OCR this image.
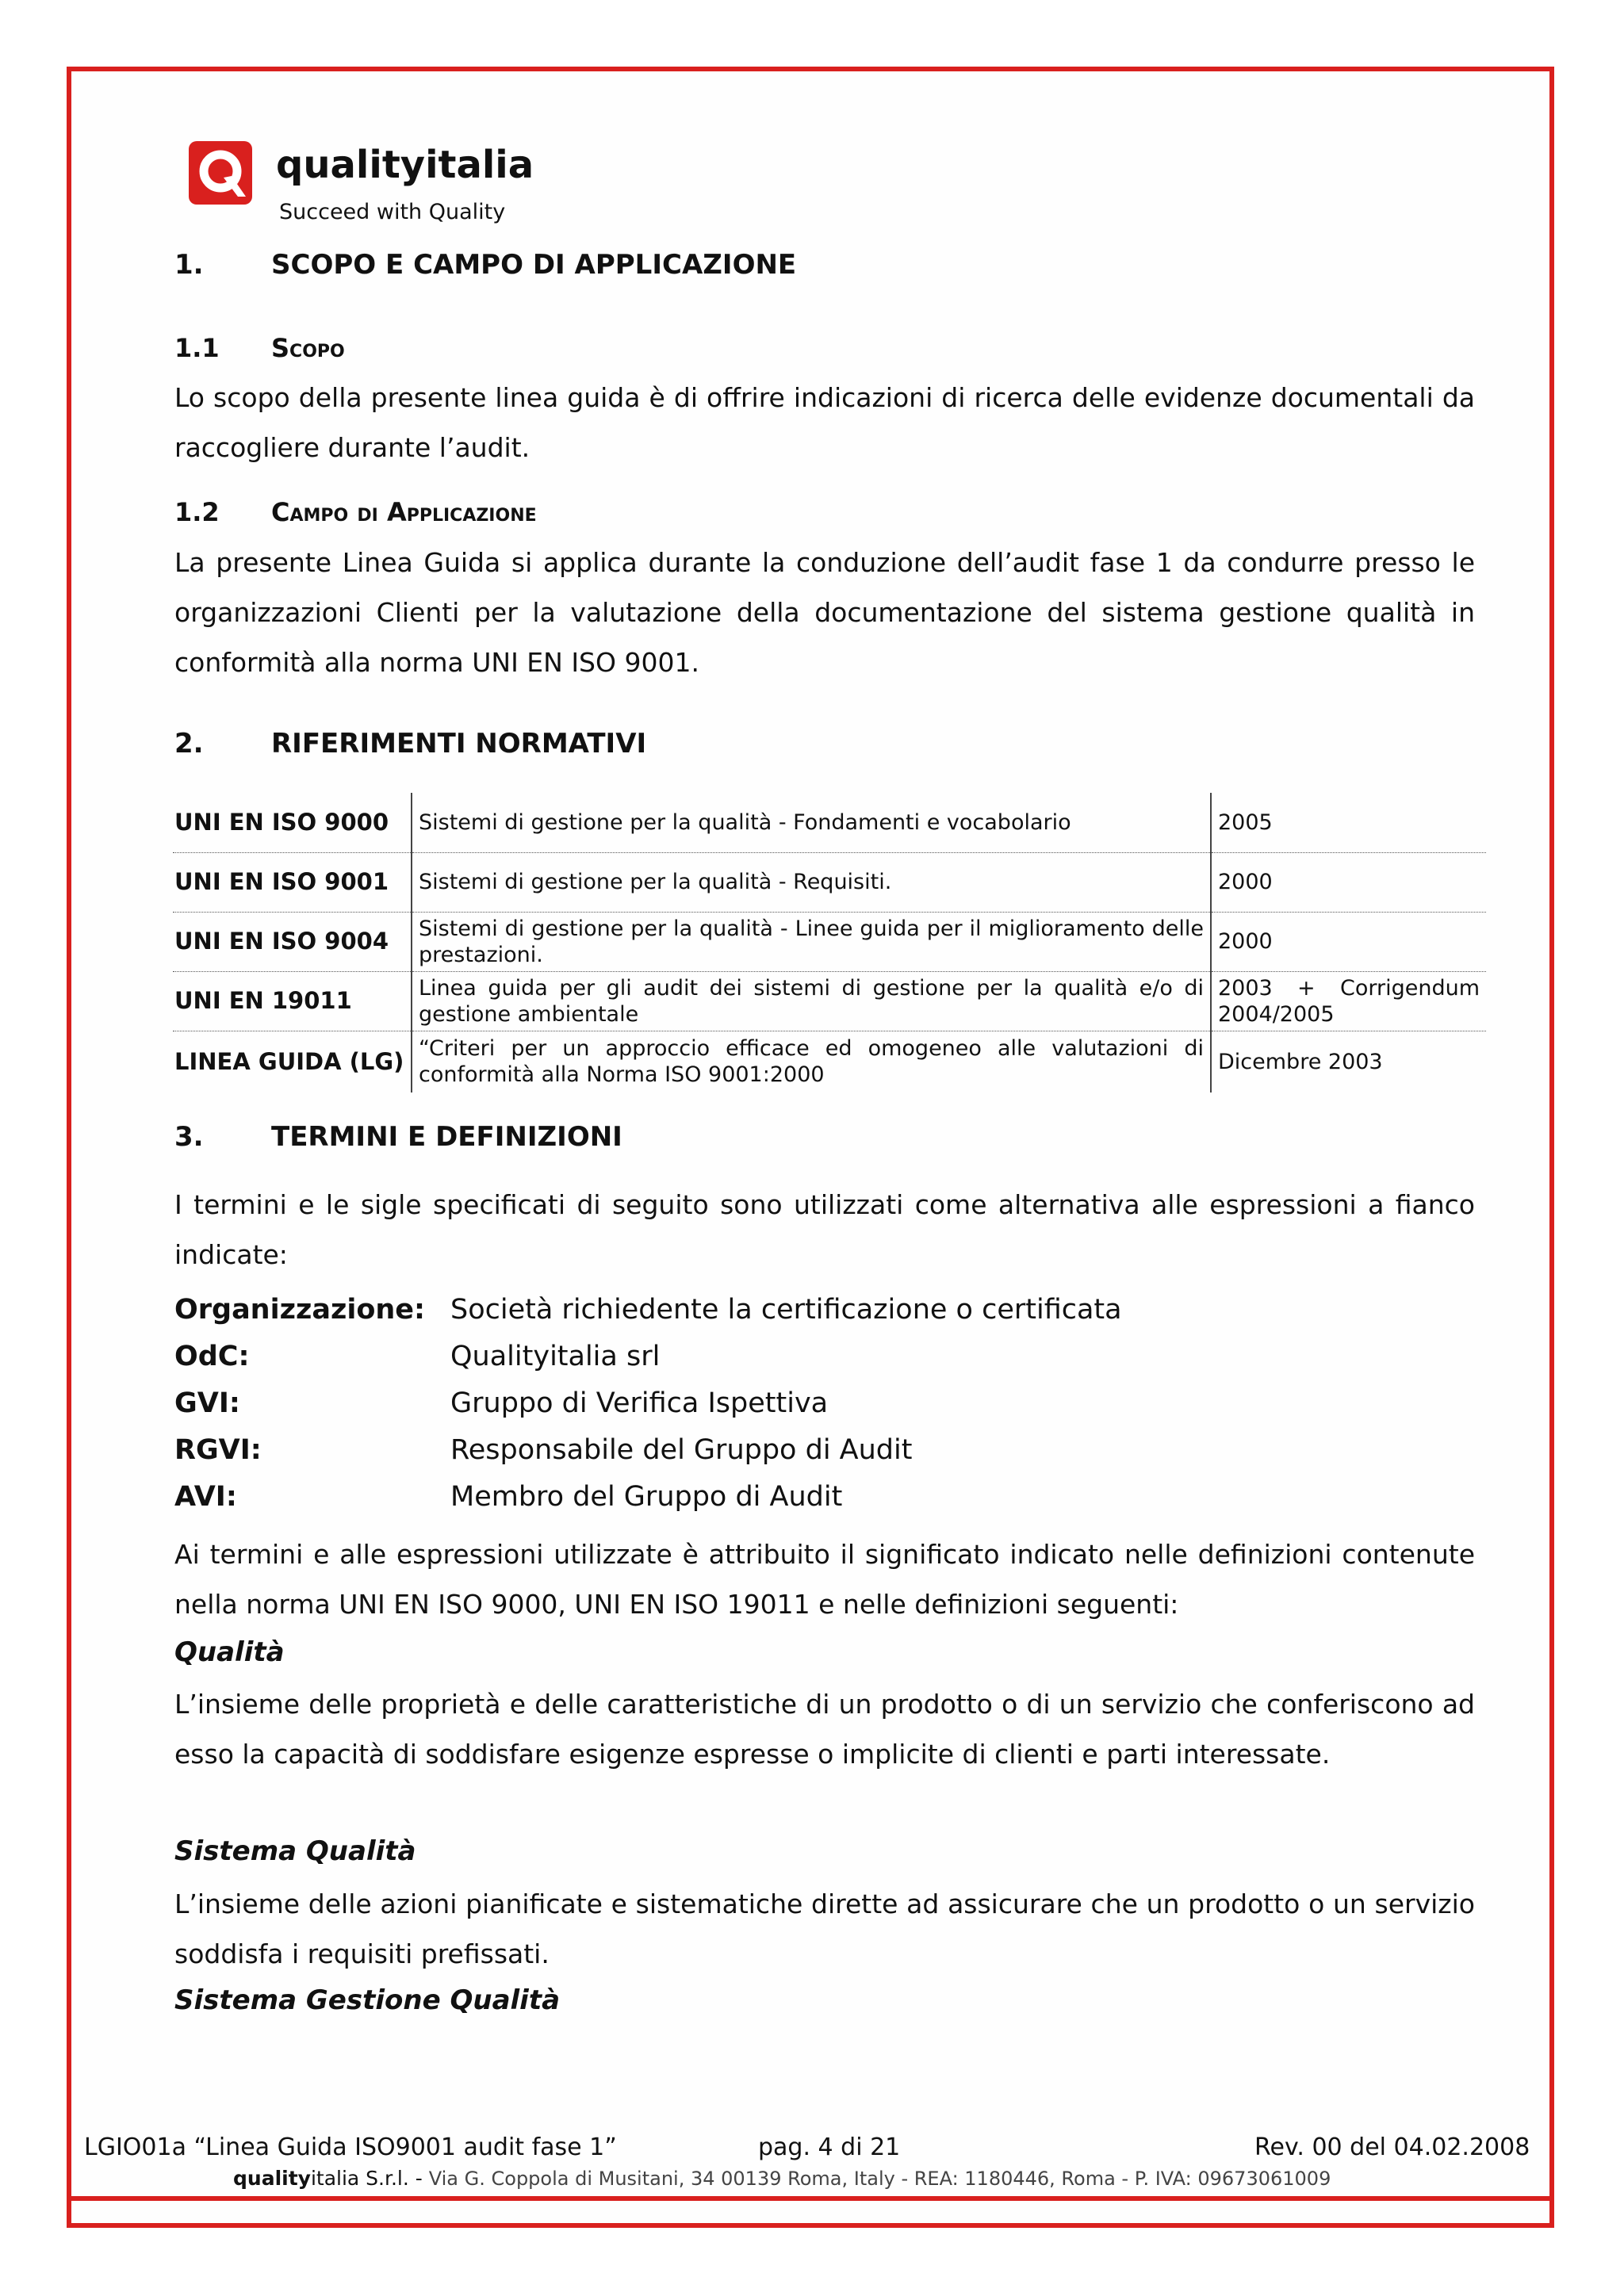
qualityitalia
Succeed with Quality
1.	SCOPO E CAMPO DI APPLICAZIONE
1.1 Scopo
Lo scopo della presente linea guida è di offrire indicazioni di ricerca delle evidenze documentali da raccogliere durante l’audit.
1.2 Campo di Applicazione
La presente Linea Guida si applica durante la conduzione dell’audit fase 1 da condurre presso le organizzazioni Clienti per la valutazione della documentazione del sistema gestione qualità in conformità alla norma UNI EN ISO 9001.
2.	RIFERIMENTI NORMATIVI
UNI EN ISO 9000	Sistemi di gestione per la qualità - Fondamenti e vocabolario	2005
UNI EN ISO 9001	Sistemi di gestione per la qualità - Requisiti.	2000
UNI EN ISO 9004	Sistemi di gestione per la qualità - Linee guida per il miglioramento delle prestazioni.	2000
UNI EN 19011	Linea guida per gli audit dei sistemi di gestione per la qualità e/o di gestione ambientale	2003 + Corrigendum 2004/2005
LINEA GUIDA (LG)	“Criteri per un approccio efficace ed omogeneo alle valutazioni di conformità alla Norma ISO 9001:2000	Dicembre 2003
3.	TERMINI E DEFINIZIONI
I termini e le sigle specificati di seguito sono utilizzati come alternativa alle espressioni a fianco indicate:
Organizzazione: Società richiedente la certificazione o certificata
OdC:	Qualityitalia srl
GVI:	Gruppo di Verifica Ispettiva
RGVI:	Responsabile del Gruppo di Audit
AVI:	Membro del Gruppo di Audit
Ai termini e alle espressioni utilizzate è attribuito il significato indicato nelle definizioni contenute nella norma UNI EN ISO 9000, UNI EN ISO 19011 e nelle definizioni seguenti:
Qualità
L’insieme delle proprietà e delle caratteristiche di un prodotto o di un servizio che conferiscono ad esso la capacità di soddisfare esigenze espresse o implicite di clienti e parti interessate.
Sistema Qualità
L’insieme delle azioni pianificate e sistematiche dirette ad assicurare che un prodotto o un servizio soddisfa i requisiti prefissati.
Sistema Gestione Qualità
LGIO01a “Linea Guida ISO9001 audit fase 1”	pag. 4 di 21	Rev. 00 del 04.02.2008
qualityitalia S.r.l. - Via G. Coppola di Musitani, 34 00139 Roma, Italy - REA: 1180446, Roma - P. IVA: 09673061009
